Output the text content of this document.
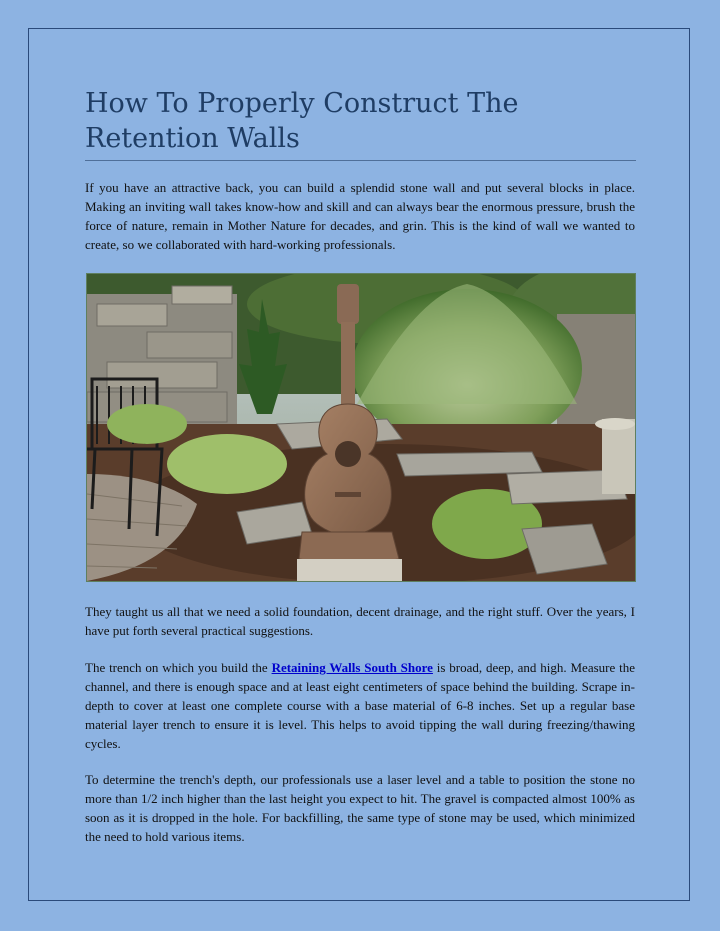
How To Properly Construct The Retention Walls

If you have an attractive back, you can build a splendid stone wall and put several blocks in place. Making an inviting wall takes know-how and skill and can always bear the enormous pressure, brush the force of nature, remain in Mother Nature for decades, and grin. This is the kind of wall we wanted to create, so we collaborated with hard-working professionals.

They taught us all that we need a solid foundation, decent drainage, and the right stuff. Over the years, I have put forth several practical suggestions.

The trench on which you build the Retaining Walls South Shore is broad, deep, and high. Measure the channel, and there is enough space and at least eight centimeters of space behind the building. Scrape in-depth to cover at least one complete course with a base material of 6-8 inches. Set up a regular base material layer trench to ensure it is level. This helps to avoid tipping the wall during freezing/thawing cycles.

To determine the trench's depth, our professionals use a laser level and a table to position the stone no more than 1/2 inch higher than the last height you expect to hit. The gravel is compacted almost 100% as soon as it is dropped in the hole. For backfilling, the same type of stone may be used, which minimized the need to hold various items.
